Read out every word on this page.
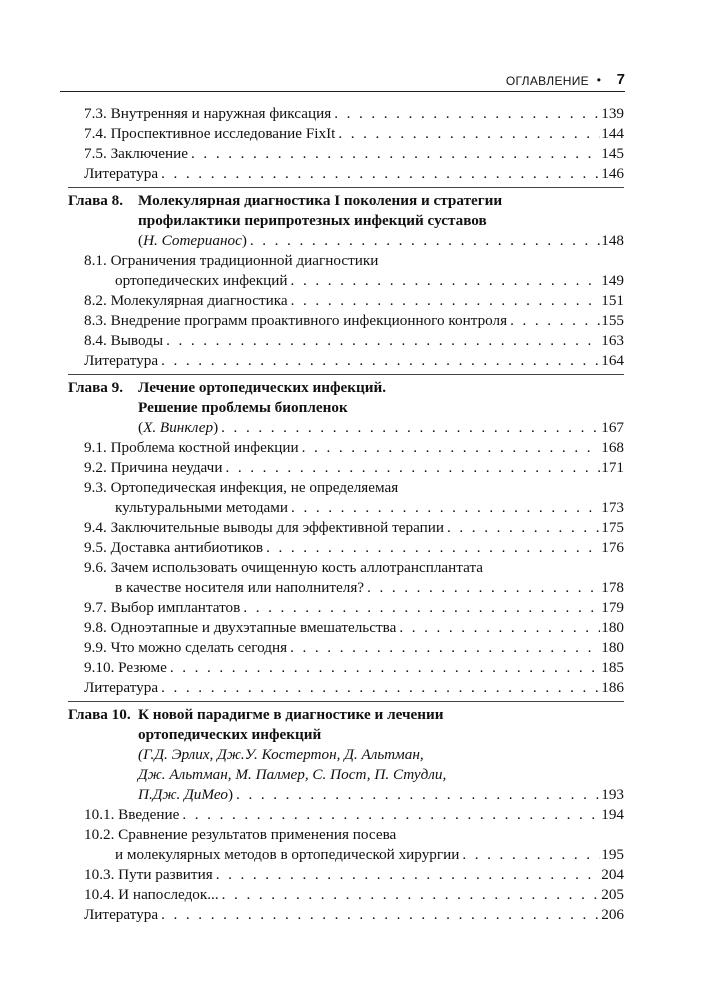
ОГЛАВЛЕНИЕ • 7
7.3. Внутренняя и наружная фиксация . . .	139
7.4. Проспективное исследование FixIt . . .	144
7.5. Заключение . . .	145
Литература . . .	146
Глава 8. Молекулярная диагностика I поколения и стратегии
профилактики перипротезных инфекций суставов
(Н. Сотерианос) . . .	148
8.1. Ограничения традиционной диагностики
ортопедических инфекций . . .	149
8.2. Молекулярная диагностика . . .	151
8.3. Внедрение программ проактивного инфекционного контроля . . .	155
8.4. Выводы . . .	163
Литература . . .	164
Глава 9. Лечение ортопедических инфекций.
Решение проблемы биопленок
(Х. Винклер) . . .	167
9.1. Проблема костной инфекции . . .	168
9.2. Причина неудачи . . .	171
9.3. Ортопедическая инфекция, не определяемая
культуральными методами . . .	173
9.4. Заключительные выводы для эффективной терапии . . .	175
9.5. Доставка антибиотиков . . .	176
9.6. Зачем использовать очищенную кость аллотрансплантата
в качестве носителя или наполнителя? . . .	178
9.7. Выбор имплантатов . . .	179
9.8. Одноэтапные и двухэтапные вмешательства . . .	180
9.9. Что можно сделать сегодня . . .	180
9.10. Резюме . . .	185
Литература . . .	186
Глава 10. К новой парадигме в диагностике и лечении
ортопедических инфекций
(Г.Д. Эрлих, Дж.У. Костертон, Д. Альтман,
Дж. Альтман, М. Палмер, С. Пост, П. Студли,
П.Дж. ДиМео) . . .	193
10.1. Введение . . .	194
10.2. Сравнение результатов применения посева
и молекулярных методов в ортопедической хирургии . . .	195
10.3. Пути развития . . .	204
10.4. И напоследок... . . .	205
Литература . . .	206
